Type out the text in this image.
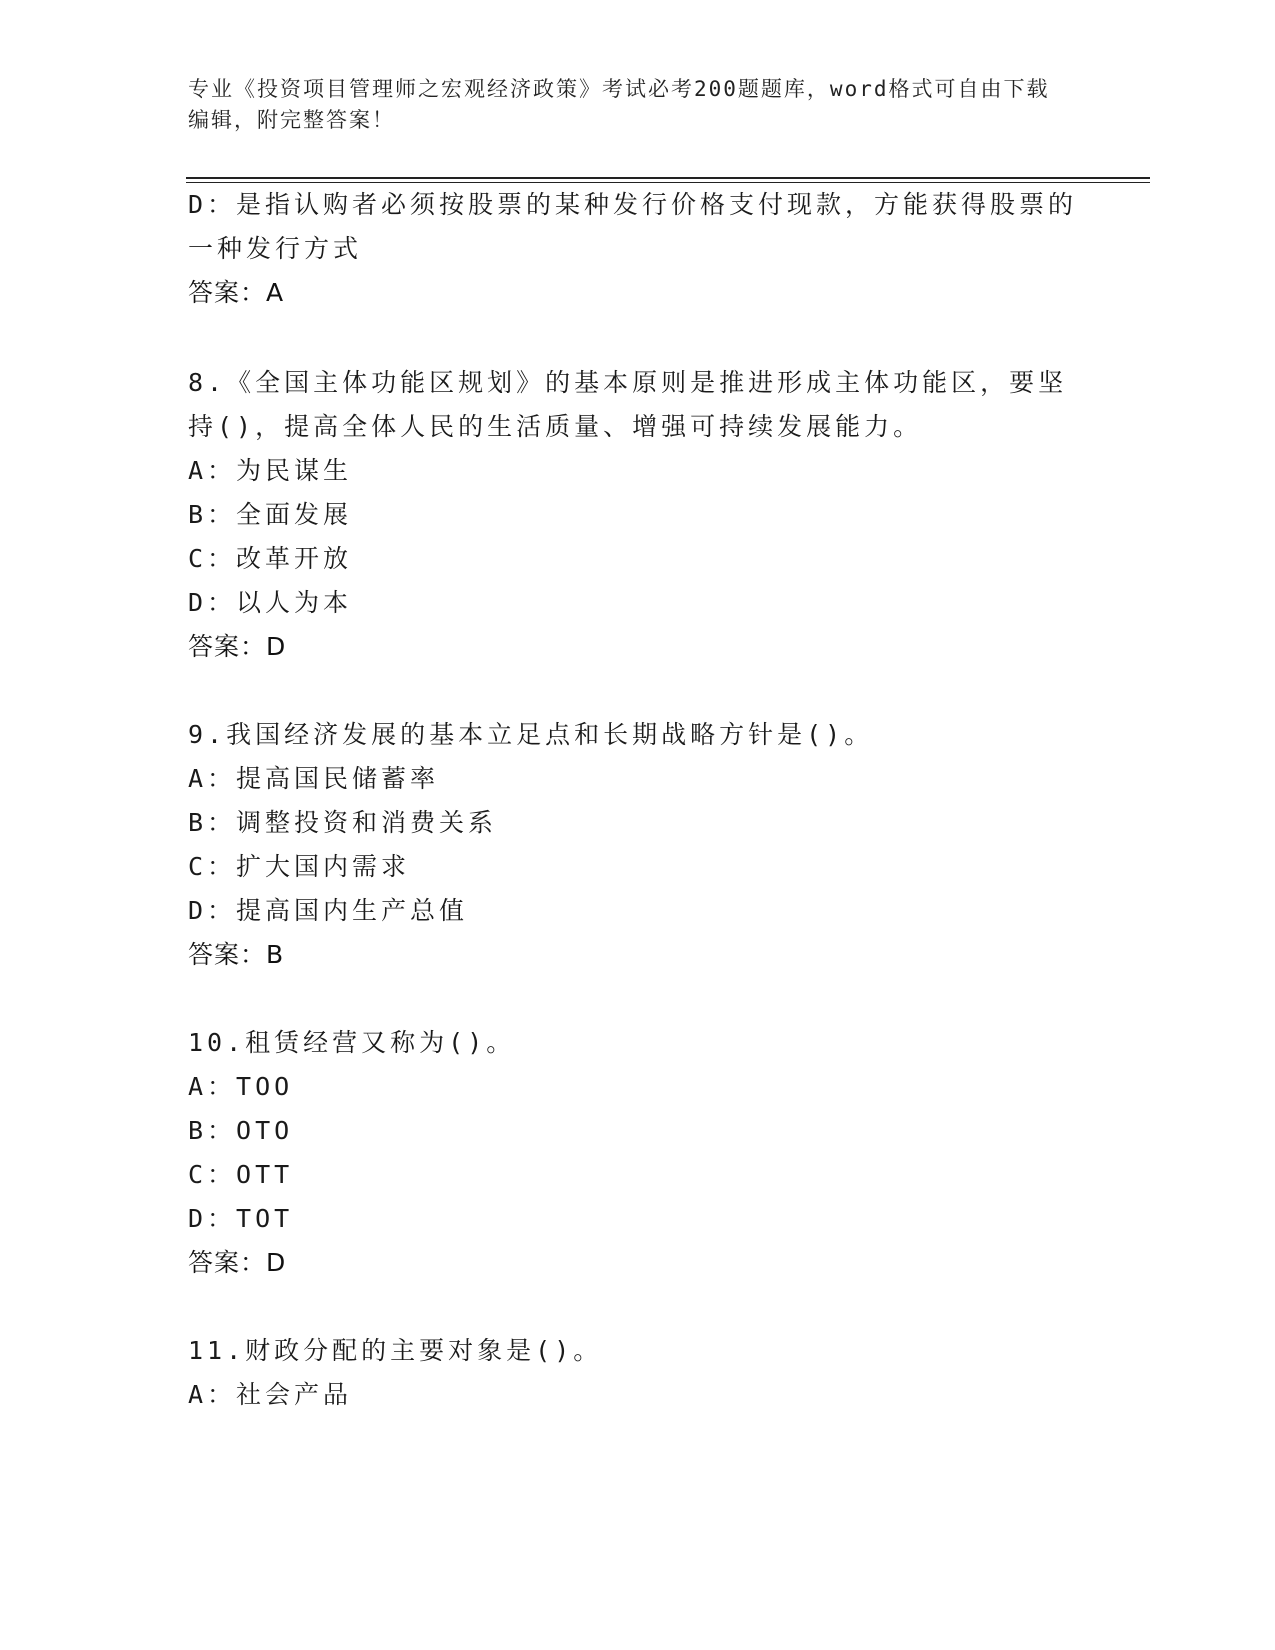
专业《投资项目管理师之宏观经济政策》考试必考200题题库，word格式可自由下载编辑，附完整答案！
D：是指认购者必须按股票的某种发行价格支付现款，方能获得股票的
一种发行方式
答案：A
8.《全国主体功能区规划》的基本原则是推进形成主体功能区，要坚
持()，提高全体人民的生活质量、增强可持续发展能力。
A：为民谋生
B：全面发展
C：改革开放
D：以人为本
答案：D
9.我国经济发展的基本立足点和长期战略方针是()。
A：提高国民储蓄率
B：调整投资和消费关系
C：扩大国内需求
D：提高国内生产总值
答案：B
10.租赁经营又称为()。
A：TOO
B：OTO
C：OTT
D：TOT
答案：D
11.财政分配的主要对象是()。
A：社会产品
